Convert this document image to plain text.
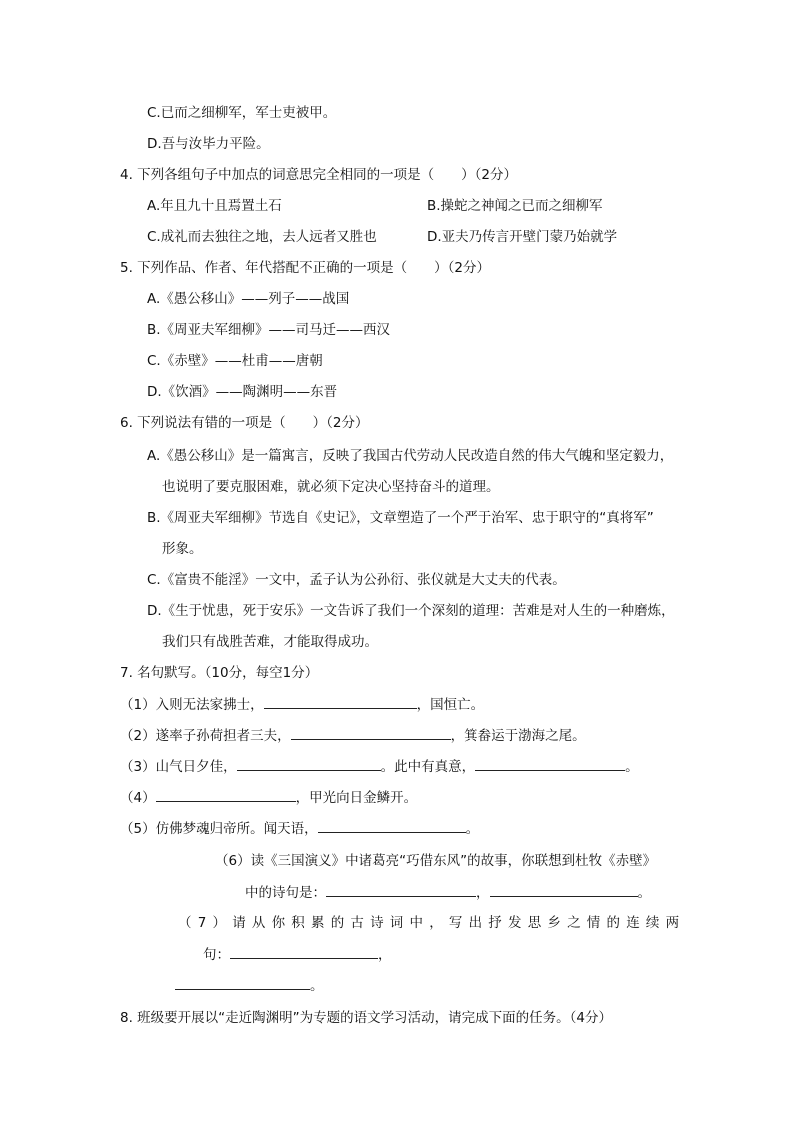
C.已而之细柳军，军士吏被甲。
D.吾与汝毕力平险。
4. 下列各组句子中加点的词意思完全相同的一项是（　　）（2分）
A.年且九十且焉置土石	B.操蛇之神闻之已而之细柳军
C.成礼而去独往之地，去人远者又胜也	D.亚夫乃传言开壁门蒙乃始就学
5. 下列作品、作者、年代搭配不正确的一项是（　　）（2分）
A.《愚公移山》——列子——战国
B.《周亚夫军细柳》——司马迁——西汉
C.《赤壁》——杜甫——唐朝
D.《饮酒》——陶渊明——东晋
6. 下列说法有错的一项是（　　）（2分）
A.《愚公移山》是一篇寓言，反映了我国古代劳动人民改造自然的伟大气魄和坚定毅力，
也说明了要克服困难，就必须下定决心坚持奋斗的道理。
B.《周亚夫军细柳》节选自《史记》，文章塑造了一个严于治军、忠于职守的“真将军”
形象。
C.《富贵不能淫》一文中，孟子认为公孙衍、张仪就是大丈夫的代表。
D.《生于忧患，死于安乐》一文告诉了我们一个深刻的道理：苦难是对人生的一种磨炼，
我们只有战胜苦难，才能取得成功。
7. 名句默写。（10分，每空1分）
（1）入则无法家拂士，	，国恒亡。
（2）遂率子孙荷担者三夫，	，箕畚运于渤海之尾。
（3）山气日夕佳，	。此中有真意，	。
（4）	，甲光向日金鳞开。
（5）仿佛梦魂归帝所。闻天语，	。
（6）读《三国演义》中诸葛亮“巧借东风”的故事，你联想到杜牧《赤壁》
中的诗句是：	，	。
（7）请从你积累的古诗词中，写出抒发思乡之情的连续两
句：	，
。
8. 班级要开展以“走近陶渊明”为专题的语文学习活动，请完成下面的任务。（4分）
